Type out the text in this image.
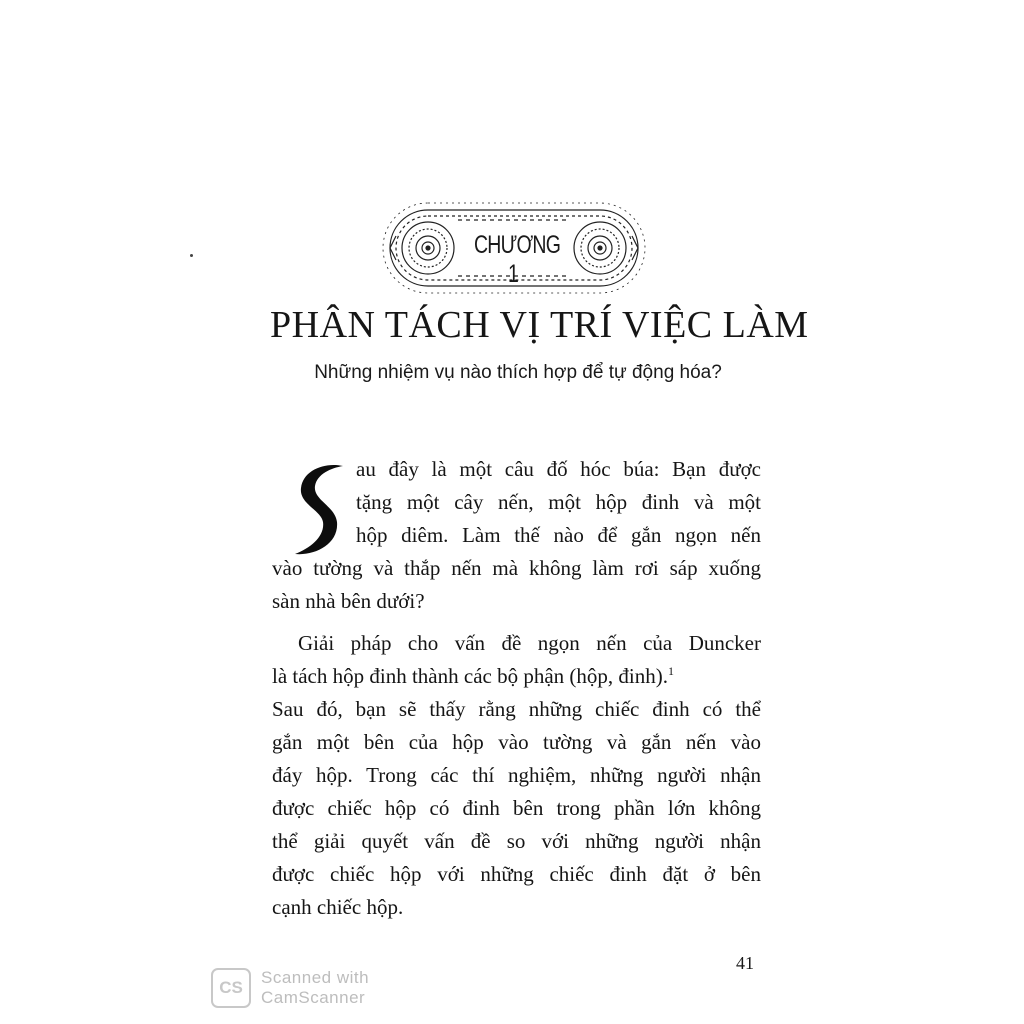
CHƯƠNG 1
PHÂN TÁCH VỊ TRÍ VIỆC LÀM
Những nhiệm vụ nào thích hợp để tự động hóa?
S
au đây là một câu đố hóc búa: Bạn được
tặng một cây nến, một hộp đinh và một
hộp diêm. Làm thế nào để gắn ngọn nến
vào tường và thắp nến mà không làm rơi sáp xuống
sàn nhà bên dưới?
Giải pháp cho vấn đề ngọn nến của Duncker
là tách hộp đinh thành các bộ phận (hộp, đinh).$^1$
Sau đó, bạn sẽ thấy rằng những chiếc đinh có thể
gắn một bên của hộp vào tường và gắn nến vào
đáy hộp. Trong các thí nghiệm, những người nhận
được chiếc hộp có đinh bên trong phần lớn không
thể giải quyết vấn đề so với những người nhận
được chiếc hộp với những chiếc đinh đặt ở bên
cạnh chiếc hộp.
41
CS
Scanned with
CamScanner
